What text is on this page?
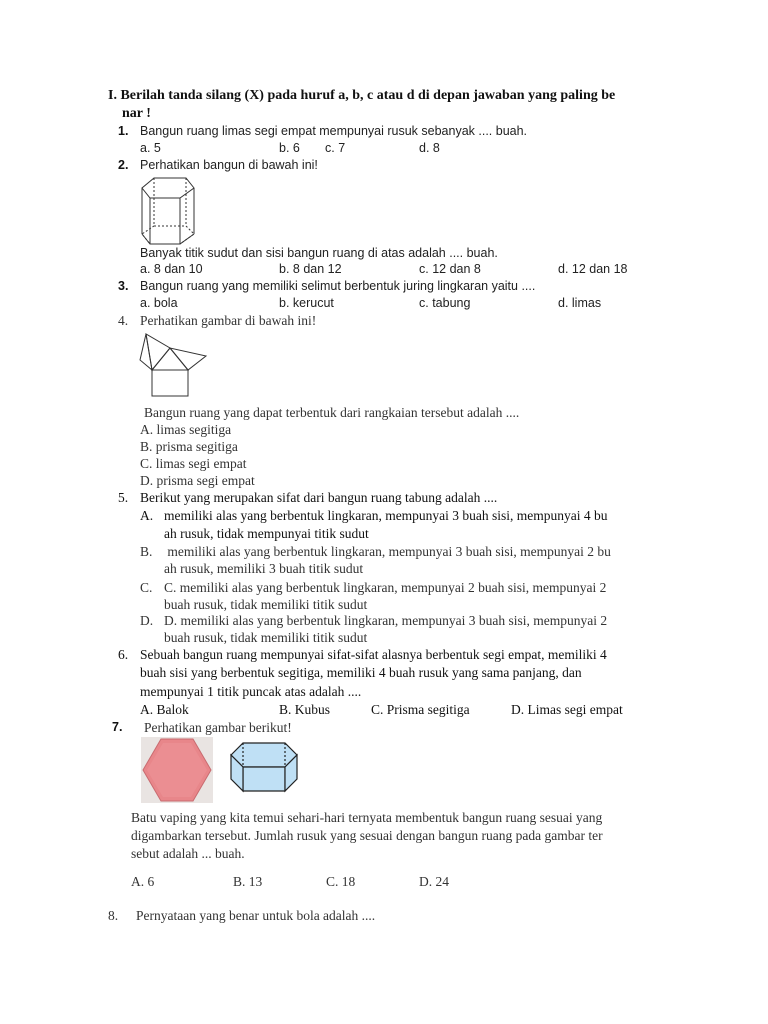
I. Berilah tanda silang (X) pada huruf a, b, c atau d di depan jawaban yang paling be
nar !
1. Bangun ruang limas segi empat mempunyai rusuk sebanyak .... buah.
a. 5	b. 6 c. 7	d. 8
2. Perhatikan bangun di bawah ini!
Banyak titik sudut dan sisi bangun ruang di atas adalah .... buah.
a. 8 dan 10	b. 8 dan 12	c. 12 dan 8	d. 12 dan 18
3. Bangun ruang yang memiliki selimut berbentuk juring lingkaran yaitu ....
a. bola	b. kerucut	c. tabung	d. limas
4. Perhatikan gambar di bawah ini!
Bangun ruang yang dapat terbentuk dari rangkaian tersebut adalah ....
A. limas segitiga
B. prisma segitiga
C. limas segi empat
D. prisma segi empat
5. Berikut yang merupakan sifat dari bangun ruang tabung adalah ....
A. memiliki alas yang berbentuk lingkaran, mempunyai 3 buah sisi, mempunyai 4 bu
ah rusuk, tidak mempunyai titik sudut
B. memiliki alas yang berbentuk lingkaran, mempunyai 3 buah sisi, mempunyai 2 bu
ah rusuk, memiliki 3 buah titik sudut
C. C. memiliki alas yang berbentuk lingkaran, mempunyai 2 buah sisi, mempunyai 2
buah rusuk, tidak memiliki titik sudut
D. D. memiliki alas yang berbentuk lingkaran, mempunyai 3 buah sisi, mempunyai 2
buah rusuk, tidak memiliki titik sudut
6. Sebuah bangun ruang mempunyai sifat-sifat alasnya berbentuk segi empat, memiliki 4
buah sisi yang berbentuk segitiga, memiliki 4 buah rusuk yang sama panjang, dan
mempunyai 1 titik puncak atas adalah ....
A. Balok	B. Kubus	C. Prisma segitiga	D. Limas segi empat
7. Perhatikan gambar berikut!
Batu vaping yang kita temui sehari-hari ternyata membentuk bangun ruang sesuai yang
digambarkan tersebut. Jumlah rusuk yang sesuai dengan bangun ruang pada gambar ter
sebut adalah ... buah.
A. 6	B. 13	C. 18	D. 24
8. Pernyataan yang benar untuk bola adalah ....
